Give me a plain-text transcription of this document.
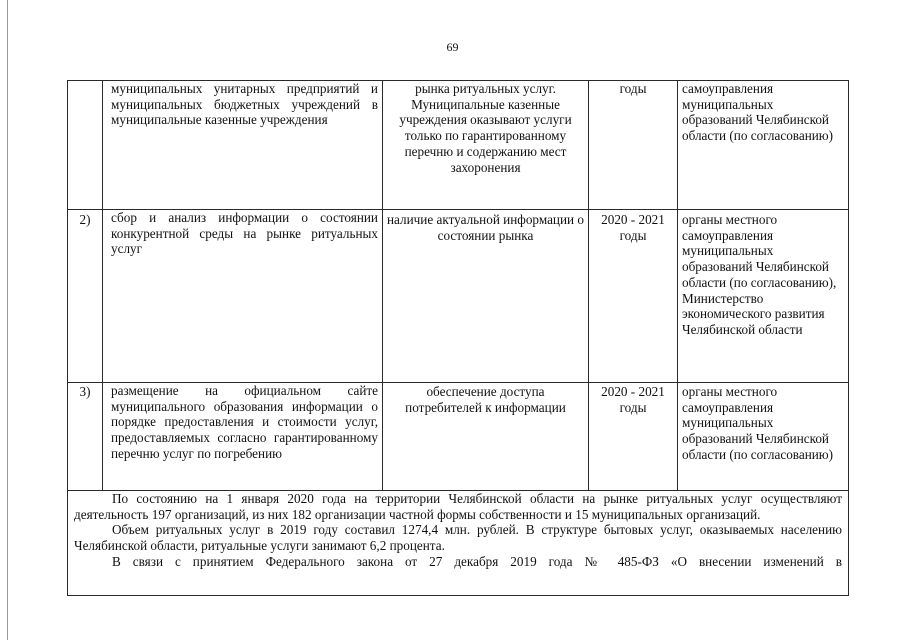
69
	муниципальных унитарных предприятий и муниципальных бюджетных учреждений в муниципальные казенные учреждения	рынка ритуальных услуг. Муниципальные казенные учреждения оказывают услуги только по гарантированному перечню и содержанию мест захоронения	годы	самоуправления муниципальных образований Челябинской области (по согласованию)
2)	сбор и анализ информации о состоянии конкурентной среды на рынке ритуальных услуг	наличие актуальной информации о состоянии рынка	2020 - 2021 годы	органы местного самоуправления муниципальных образований Челябинской области (по согласованию), Министерство экономического развития Челябинской области
3)	размещение на официальном сайте муниципального образования информации о порядке предоставления и стоимости услуг, предоставляемых согласно гарантированному перечню услуг по погребению	обеспечение доступа потребителей к информации	2020 - 2021 годы	органы местного самоуправления муниципальных образований Челябинской области (по согласованию)

По состоянию на 1 января 2020 года на территории Челябинской области на рынке ритуальных услуг осуществляют деятельность 197 организаций, из них 182 организации частной формы собственности и 15 муниципальных организаций.

Объем ритуальных услуг в 2019 году составил 1274,4 млн. рублей. В структуре бытовых услуг, оказываемых населению Челябинской области, ритуальные услуги занимают 6,2 процента.

В связи с принятием Федерального закона от 27 декабря 2019 года № 485-ФЗ «О внесении изменений в				
